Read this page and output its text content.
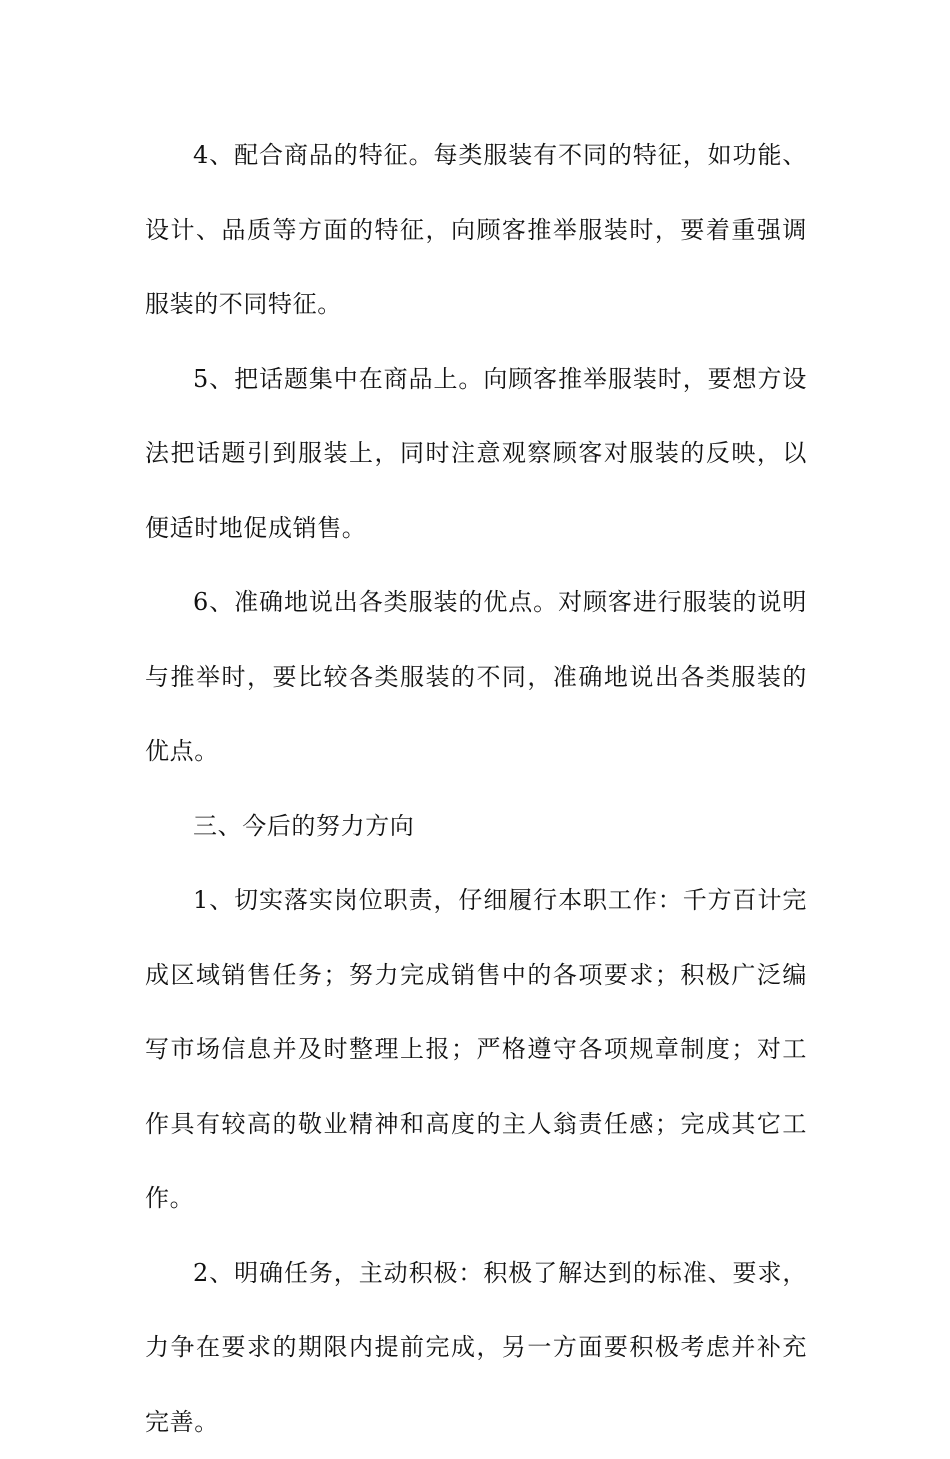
4、配合商品的特征。每类服装有不同的特征，如功能、设计、品质等方面的特征，向顾客推举服装时，要着重强调服装的不同特征。

5、把话题集中在商品上。向顾客推举服装时，要想方设法把话题引到服装上，同时注意观察顾客对服装的反映，以便适时地促成销售。

6、准确地说出各类服装的优点。对顾客进行服装的说明与推举时，要比较各类服装的不同，准确地说出各类服装的优点。

三、今后的努力方向

1、切实落实岗位职责，仔细履行本职工作：千方百计完成区域销售任务；努力完成销售中的各项要求；积极广泛编写市场信息并及时整理上报；严格遵守各项规章制度；对工作具有较高的敬业精神和高度的主人翁责任感；完成其它工作。

2、明确任务，主动积极：积极了解达到的标准、要求，力争在要求的期限内提前完成，另一方面要积极考虑并补充完善。
